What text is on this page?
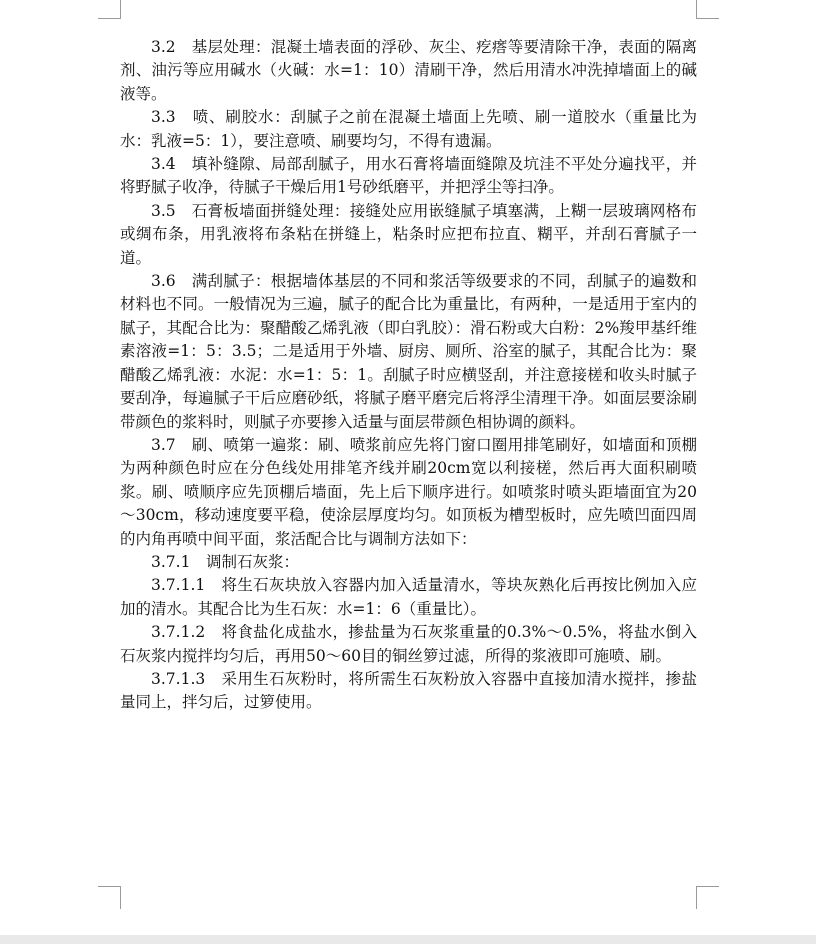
3.2　基层处理：混凝土墙表面的浮砂、灰尘、疙瘩等要清除干净，表面的隔离剂、油污等应用碱水（火碱：水=1：10）清刷干净，然后用清水冲洗掉墙面上的碱液等。

3.3　喷、刷胶水：刮腻子之前在混凝土墙面上先喷、刷一道胶水（重量比为水：乳液=5：1），要注意喷、刷要均匀，不得有遗漏。

3.4　填补缝隙、局部刮腻子，用水石膏将墙面缝隙及坑洼不平处分遍找平，并将野腻子收净，待腻子干燥后用1号砂纸磨平，并把浮尘等扫净。

3.5　石膏板墙面拼缝处理：接缝处应用嵌缝腻子填塞满，上糊一层玻璃网格布或绸布条，用乳液将布条粘在拼缝上，粘条时应把布拉直、糊平，并刮石膏腻子一道。

3.6　满刮腻子：根据墙体基层的不同和浆活等级要求的不同，刮腻子的遍数和材料也不同。一般情况为三遍，腻子的配合比为重量比，有两种，一是适用于室内的腻子，其配合比为：聚醋酸乙烯乳液（即白乳胶）：滑石粉或大白粉：2%羧甲基纤维素溶液=1：5：3.5；二是适用于外墙、厨房、厕所、浴室的腻子，其配合比为：聚醋酸乙烯乳液：水泥：水=1：5：1。刮腻子时应横竖刮，并注意接槎和收头时腻子要刮净，每遍腻子干后应磨砂纸，将腻子磨平磨完后将浮尘清理干净。如面层要涂刷带颜色的浆料时，则腻子亦要掺入适量与面层带颜色相协调的颜料。

3.7　刷、喷第一遍浆：刷、喷浆前应先将门窗口圈用排笔刷好，如墙面和顶棚为两种颜色时应在分色线处用排笔齐线并刷20cm宽以利接槎，然后再大面积刷喷浆。刷、喷顺序应先顶棚后墙面，先上后下顺序进行。如喷浆时喷头距墙面宜为20～30cm，移动速度要平稳，使涂层厚度均匀。如顶板为槽型板时，应先喷凹面四周的内角再喷中间平面，浆活配合比与调制方法如下：

3.7.1　调制石灰浆：

3.7.1.1　将生石灰块放入容器内加入适量清水，等块灰熟化后再按比例加入应加的清水。其配合比为生石灰：水=1：6（重量比）。

3.7.1.2　将食盐化成盐水，掺盐量为石灰浆重量的0.3%～0.5%，将盐水倒入石灰浆内搅拌均匀后，再用50～60目的铜丝箩过滤，所得的浆液即可施喷、刷。

3.7.1.3　采用生石灰粉时，将所需生石灰粉放入容器中直接加清水搅拌，掺盐量同上，拌匀后，过箩使用。
